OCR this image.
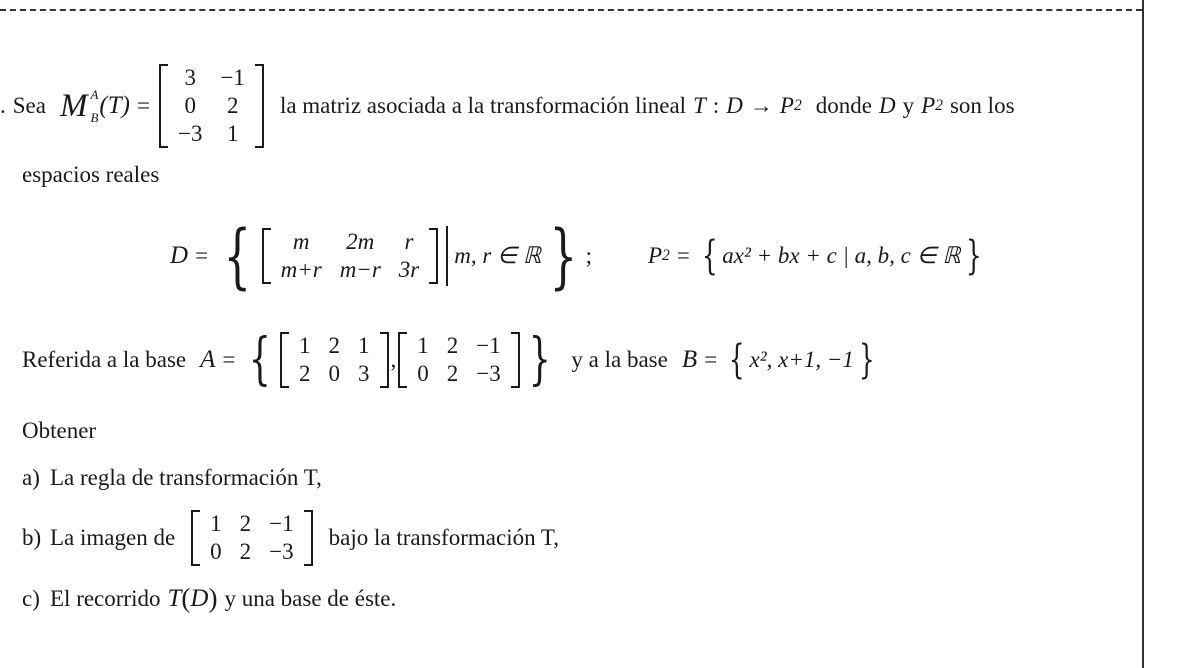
. Sea M A
B ( T ) =
3	−1
0	2
−3	1
la matriz asociada a la transformación lineal T : D → P 2 donde D y P 2 son los
espacios reales
D = { m	2m	r
m+r	m−r	3r
m, r ∈ ℝ } ; P 2 = { ax² + bx + c | a, b, c ∈ ℝ }
Referida a la base A = { 1	2	1
2	0	3
,
1	2	−1
0	2	−3 } y a la base B = { x², x+1, −1 }
Obtener
a) La regla de transformación T,
b) La imagen de
1	2	−1
0	2	−3
bajo la transformación T,
c) El recorrido T ( D ) y una base de éste.
